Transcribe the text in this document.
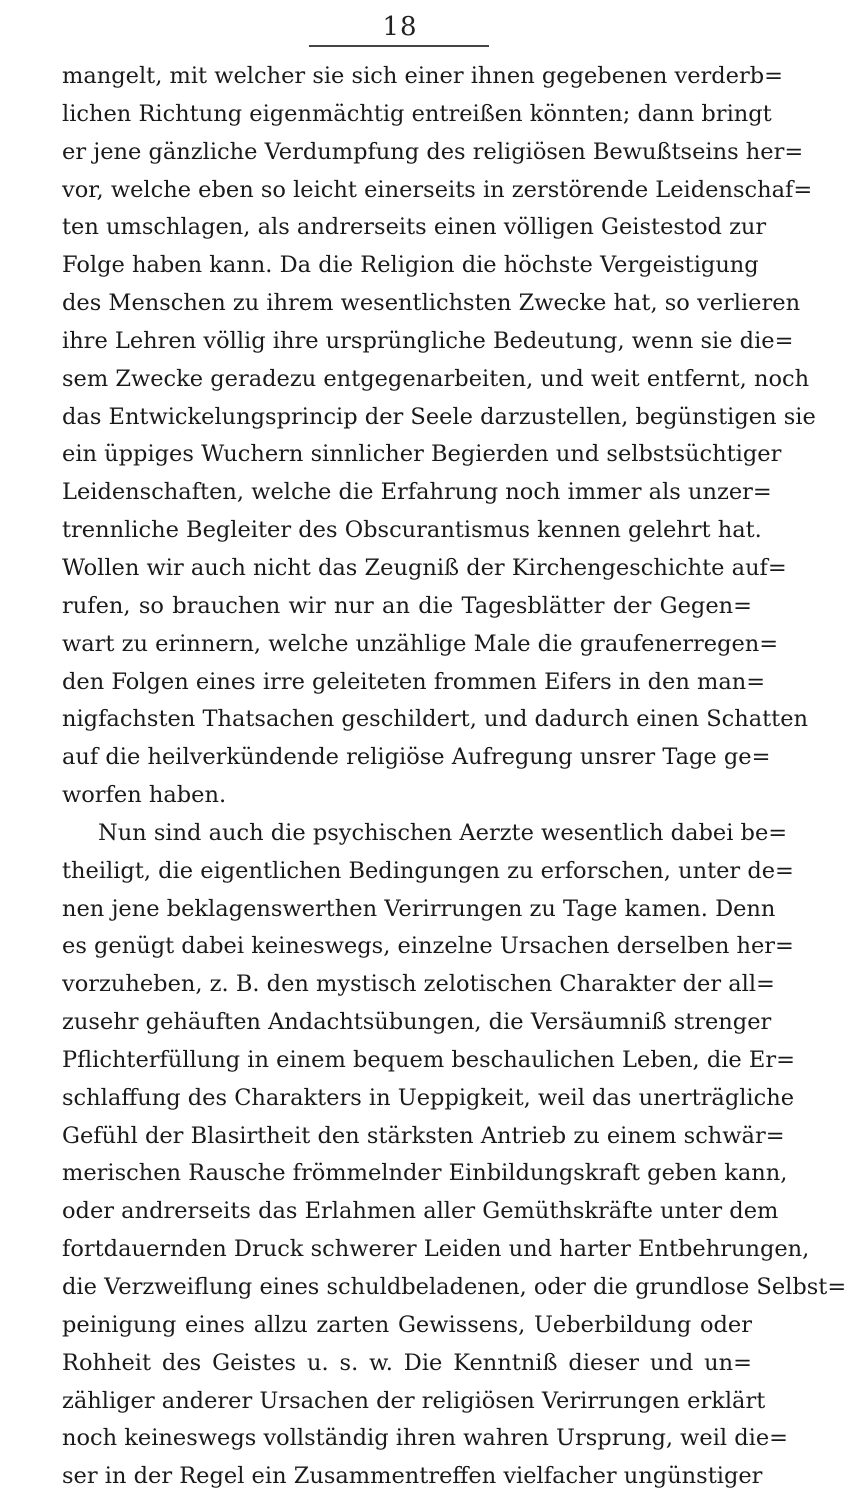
18
mangelt, mit welcher sie sich einer ihnen gegebenen verderb=
lichen Richtung eigenmächtig entreißen könnten; dann bringt
er jene gänzliche Verdumpfung des religiösen Bewußtseins her=
vor, welche eben so leicht einerseits in zerstörende Leidenschaf=
ten umschlagen, als andrerseits einen völligen Geistestod zur
Folge haben kann. Da die Religion die höchste Vergeistigung
des Menschen zu ihrem wesentlichsten Zwecke hat, so verlieren
ihre Lehren völlig ihre ursprüngliche Bedeutung, wenn sie die=
sem Zwecke geradezu entgegenarbeiten, und weit entfernt, noch
das Entwickelungsprincip der Seele darzustellen, begünstigen sie
ein üppiges Wuchern sinnlicher Begierden und selbstsüchtiger
Leidenschaften, welche die Erfahrung noch immer als unzer=
trennliche Begleiter des Obscurantismus kennen gelehrt hat.
Wollen wir auch nicht das Zeugniß der Kirchengeschichte auf=
rufen, so brauchen wir nur an die Tagesblätter der Gegen=
wart zu erinnern, welche unzählige Male die graufenerregen=
den Folgen eines irre geleiteten frommen Eifers in den man=
nigfachsten Thatsachen geschildert, und dadurch einen Schatten
auf die heilverkündende religiöse Aufregung unsrer Tage ge=
worfen haben.
Nun sind auch die psychischen Aerzte wesentlich dabei be=
theiligt, die eigentlichen Bedingungen zu erforschen, unter de=
nen jene beklagenswerthen Verirrungen zu Tage kamen. Denn
es genügt dabei keineswegs, einzelne Ursachen derselben her=
vorzuheben, z. B. den mystisch zelotischen Charakter der all=
zusehr gehäuften Andachtsübungen, die Versäumniß strenger
Pflichterfüllung in einem bequem beschaulichen Leben, die Er=
schlaffung des Charakters in Ueppigkeit, weil das unerträgliche
Gefühl der Blasirtheit den stärksten Antrieb zu einem schwär=
merischen Rausche frömmelnder Einbildungskraft geben kann,
oder andrerseits das Erlahmen aller Gemüthskräfte unter dem
fortdauernden Druck schwerer Leiden und harter Entbehrungen,
die Verzweiflung eines schuldbeladenen, oder die grundlose Selbst=
peinigung eines allzu zarten Gewissens, Ueberbildung oder
Rohheit des Geistes u. s. w. Die Kenntniß dieser und un=
zähliger anderer Ursachen der religiösen Verirrungen erklärt
noch keineswegs vollständig ihren wahren Ursprung, weil die=
ser in der Regel ein Zusammentreffen vielfacher ungünstiger
